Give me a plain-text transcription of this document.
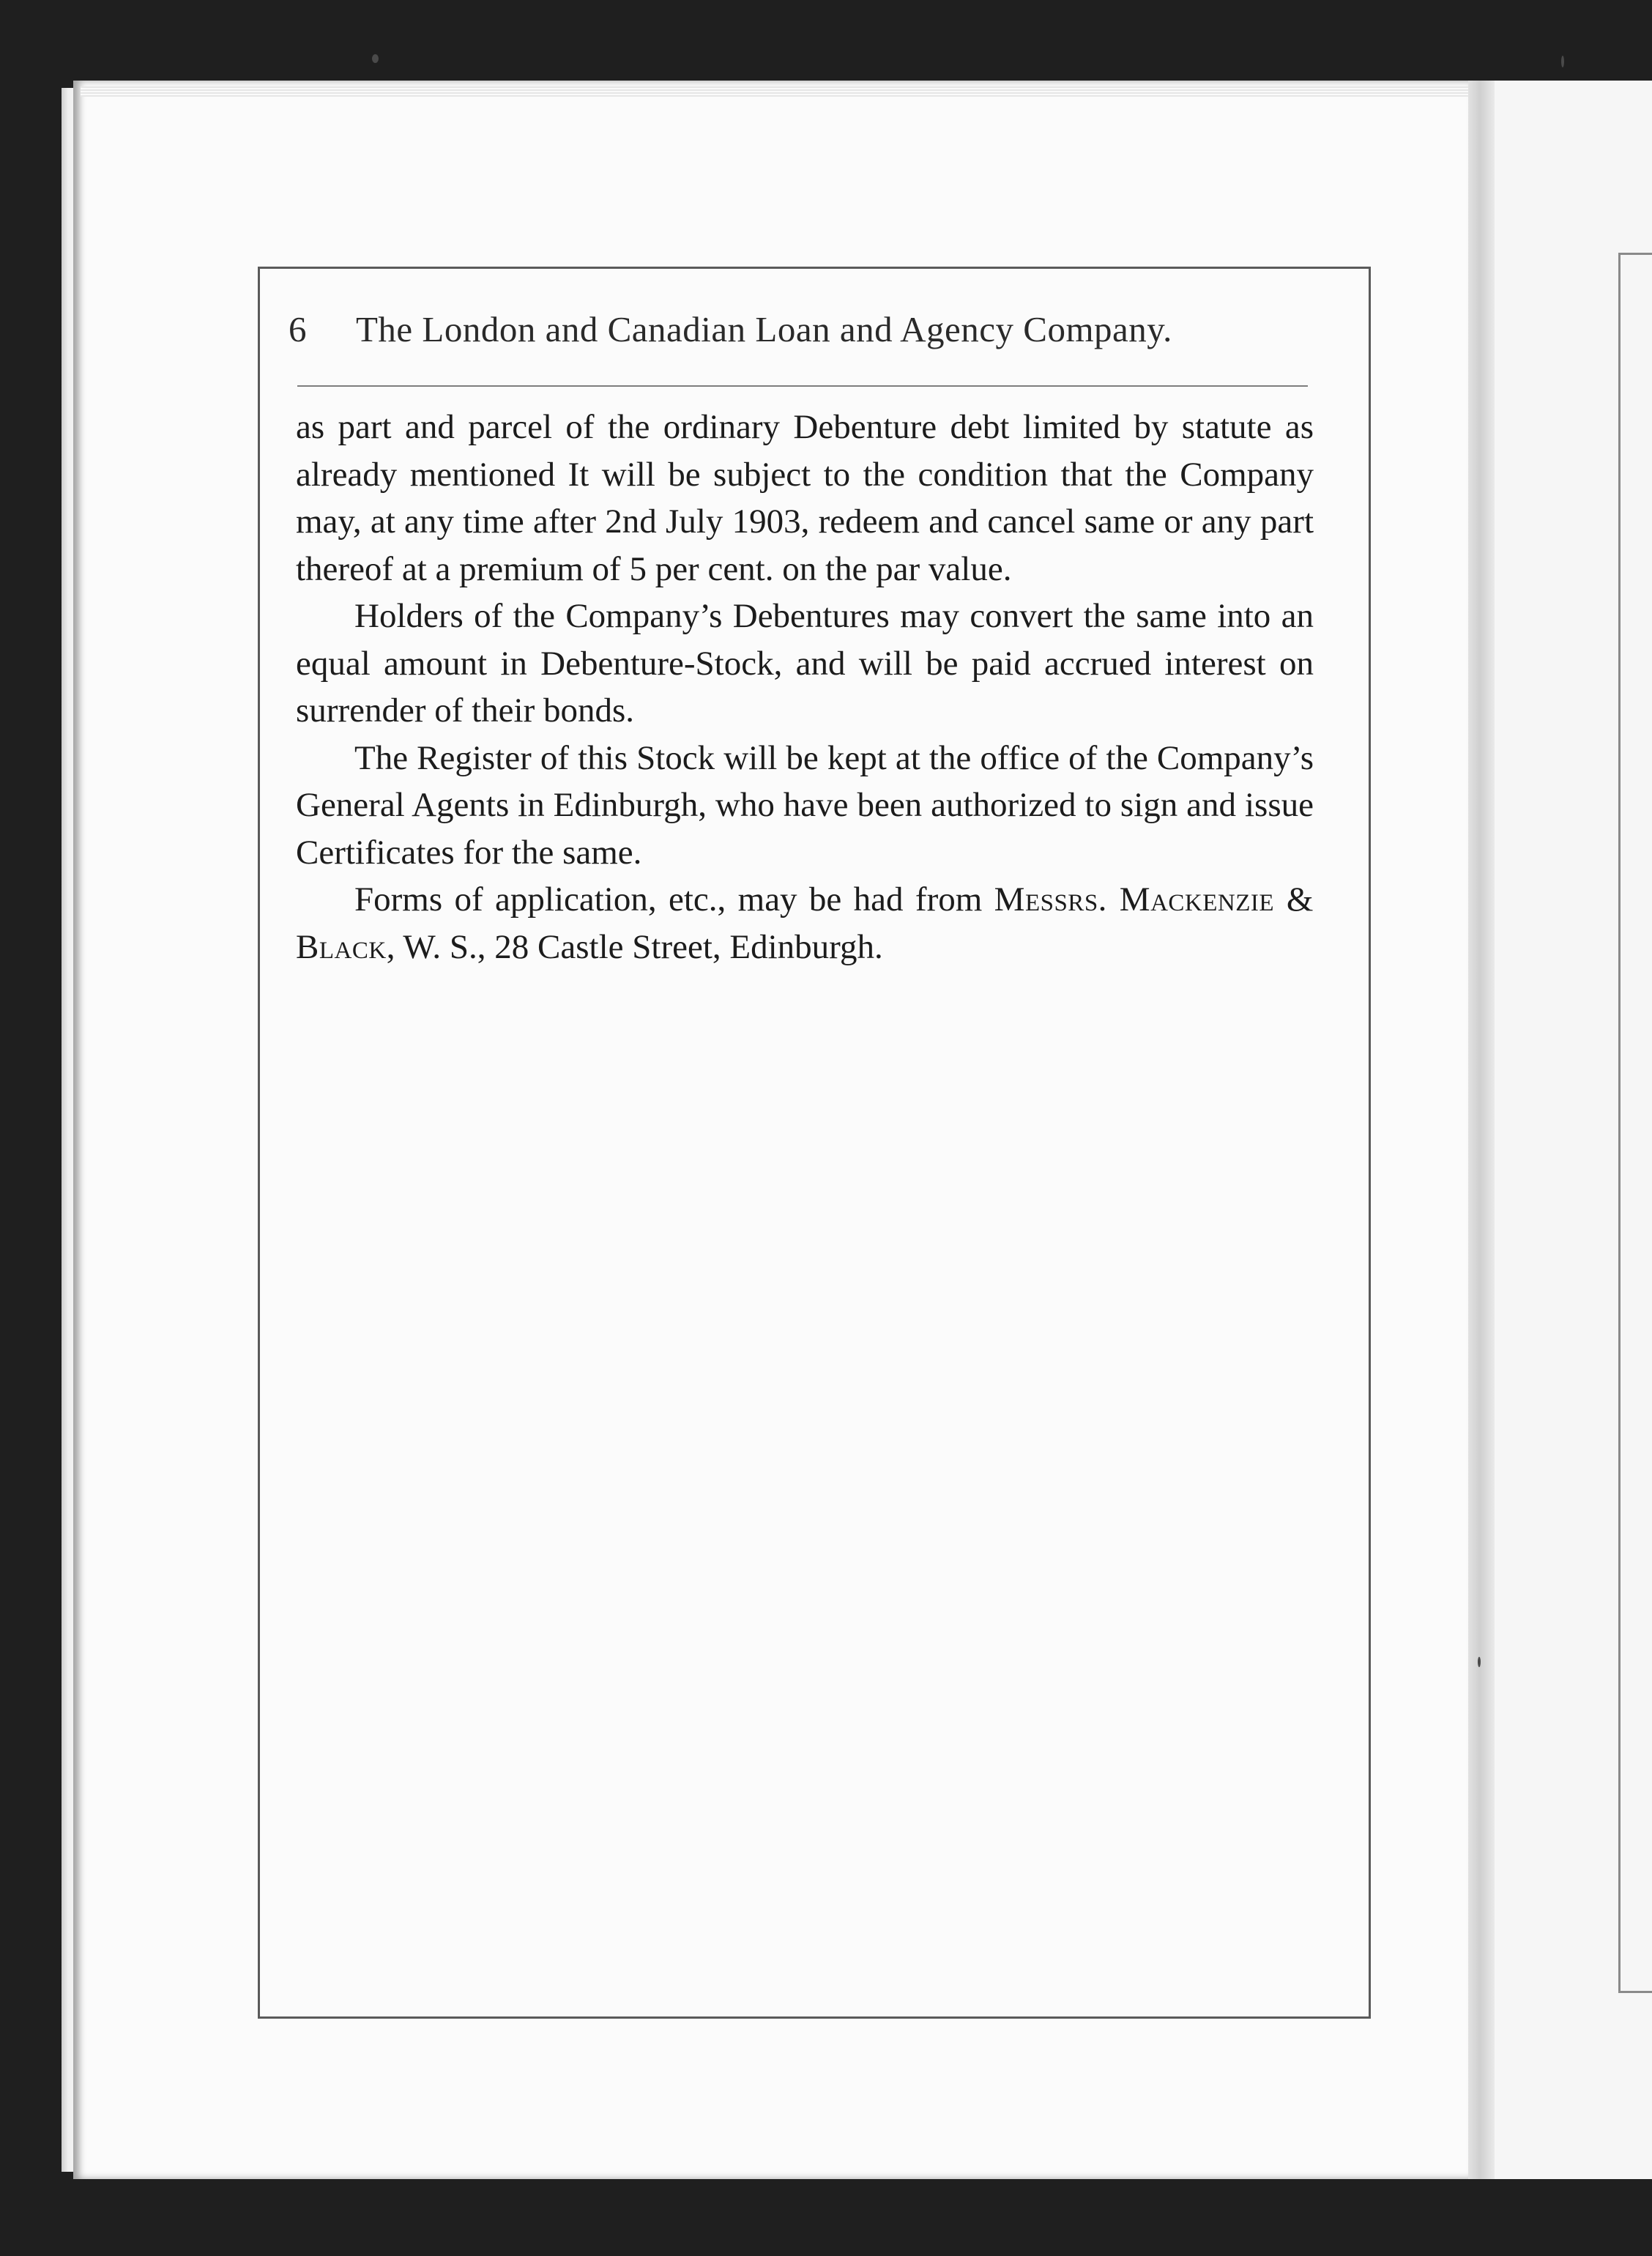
6 The London and Canadian Loan and Agency Company.

as part and parcel of the ordinary Debenture debt limited by statute as already mentioned It will be subject to the condition that the Company may, at any time after 2nd July 1903, redeem and cancel same or any part thereof at a premium of 5 per cent. on the par value.

Holders of the Company’s Debentures may convert the same into an equal amount in Debenture-Stock, and will be paid accrued interest on surrender of their bonds.

The Register of this Stock will be kept at the office of the Company’s General Agents in Edinburgh, who have been authorized to sign and issue Certificates for the same.

Forms of application, etc., may be had from Messrs. Mackenzie & Black, W. S., 28 Castle Street, Edinburgh.
